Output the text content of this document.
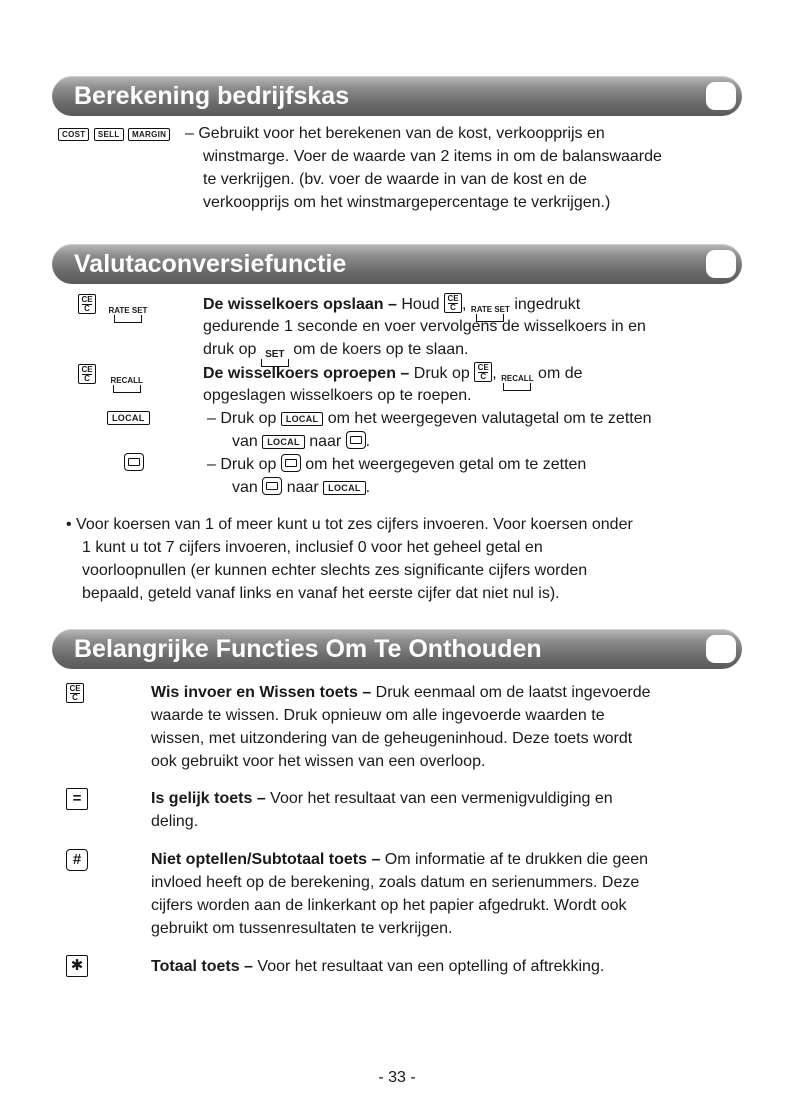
Berekening bedrijfskas
COST SELL MARGIN – Gebruikt voor het berekenen van de kost, verkoopprijs en
winstmarge. Voer de waarde van 2 items in om de balanswaarde
te verkrijgen. (bv. voer de waarde in van de kost en de
verkoopprijs om het winstmargepercentage te verkrijgen.)
Valutaconversiefunctie
$\frac{CE}{C}$
RATE SET
$\frac{CE}{C}$
RECALL
LOCAL
De wisselkoers opslaan – Houd $\frac{CE}{C}$ , RATE SET ingedrukt
gedurende 1 seconde en voer vervolgens de wisselkoers in en
druk op SET om de koers op te slaan.
De wisselkoers oproepen – Druk op $\frac{CE}{C}$ , RECALL om de
opgeslagen wisselkoers op te roepen.
– Druk op LOCAL om het weergegeven valutagetal om te zetten
van LOCAL naar .
– Druk op  om het weergegeven getal om te zetten
van  naar LOCAL .
• Voor koersen van 1 of meer kunt u tot zes cijfers invoeren. Voor koersen onder
1 kunt u tot 7 cijfers invoeren, inclusief 0 voor het geheel getal en
voorloopnullen (er kunnen echter slechts zes significante cijfers worden
bepaald, geteld vanaf links en vanaf het eerste cijfer dat niet nul is).
Belangrijke Functies Om Te Onthouden
$\frac{CE}{C}$	Wis invoer en Wissen toets – Druk eenmaal om de laatst ingevoerde
waarde te wissen. Druk opnieuw om alle ingevoerde waarden te
wissen, met uitzondering van de geheugeninhoud. Deze toets wordt
ook gebruikt voor het wissen van een overloop.
=	Is gelijk toets – Voor het resultaat van een vermenigvuldiging en
deling.
#	Niet optellen/Subtotaal toets – Om informatie af te drukken die geen
invloed heeft op de berekening, zoals datum en serienummers. Deze
cijfers worden aan de linkerkant op het papier afgedrukt. Wordt ook
gebruikt om tussenresultaten te verkrijgen.
✱	Totaal toets – Voor het resultaat van een optelling of aftrekking.
- 33 -
